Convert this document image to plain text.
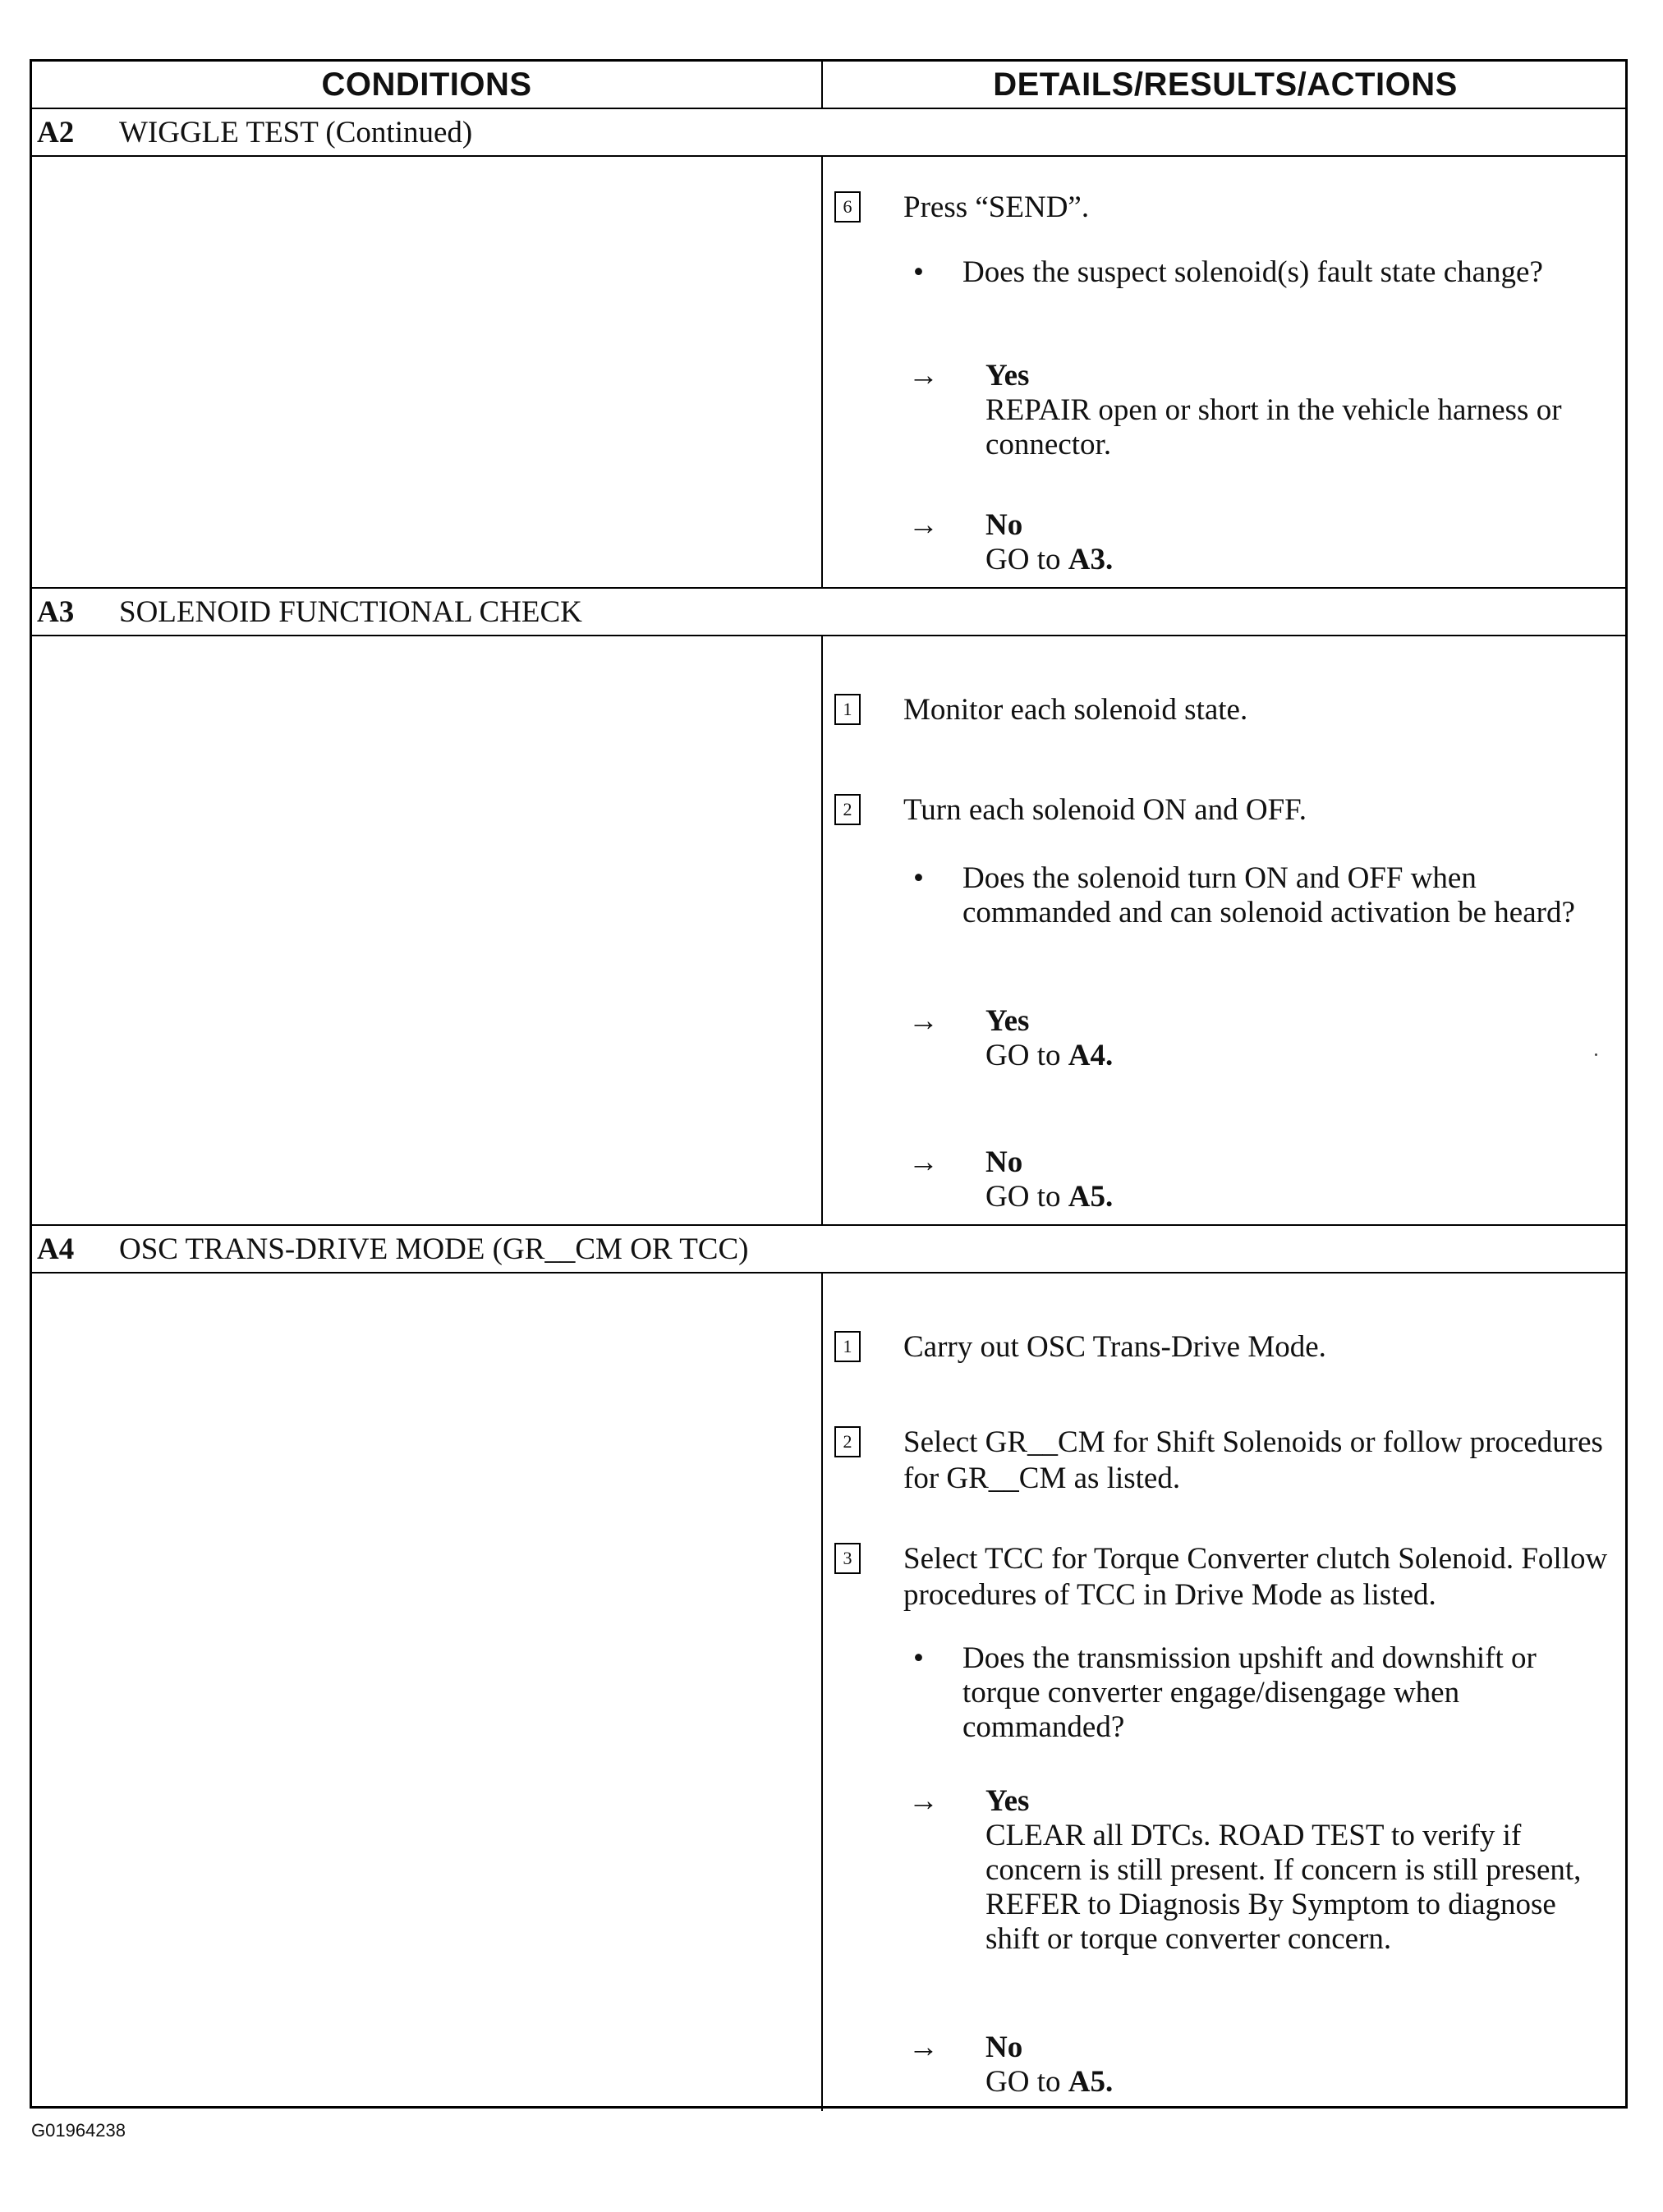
CONDITIONS	DETAILS/RESULTS/ACTIONS
A2	WIGGLE TEST (Continued)
6 Press “SEND”.
• Does the suspect solenoid(s) fault state change?
→ Yes
REPAIR open or short in the vehicle harness or connector.
→ No
GO to A3.
A3	SOLENOID FUNCTIONAL CHECK
1 Monitor each solenoid state.
2 Turn each solenoid ON and OFF.
• Does the solenoid turn ON and OFF when commanded and can solenoid activation be heard?
→ Yes
GO to A4.
→ No
GO to A5.
A4	OSC TRANS-DRIVE MODE (GR__CM OR TCC)
1 Carry out OSC Trans-Drive Mode.
2 Select GR__CM for Shift Solenoids or follow procedures for GR__CM as listed.
3 Select TCC for Torque Converter clutch Solenoid. Follow procedures of TCC in Drive Mode as listed.
• Does the transmission upshift and downshift or torque converter engage/disengage when commanded?
→ Yes
CLEAR all DTCs. ROAD TEST to verify if concern is still present. If concern is still present, REFER to Diagnosis By Symptom to diagnose shift or torque converter concern.
→ No
GO to A5.
G01964238
